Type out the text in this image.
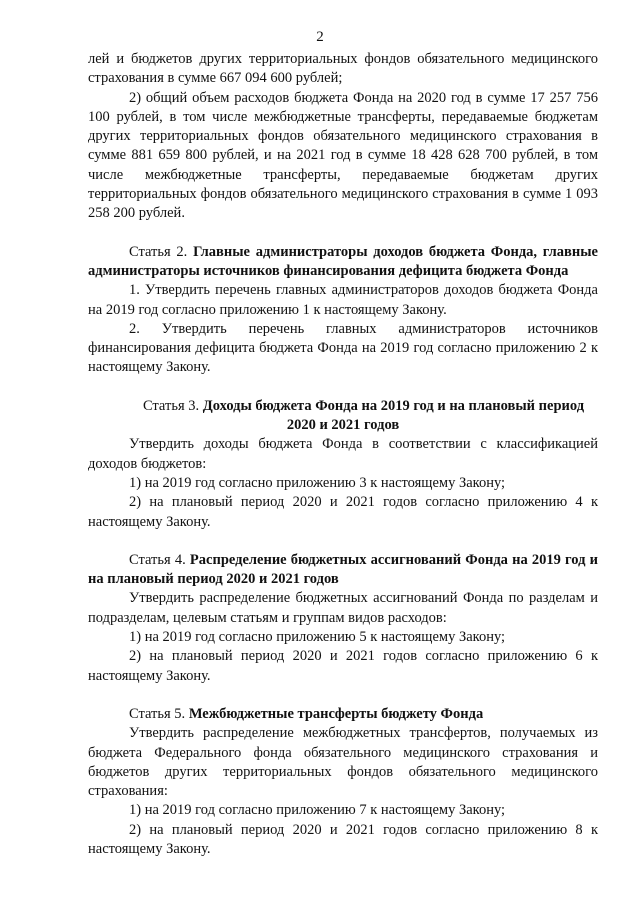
2

лей и бюджетов других территориальных фондов обязательного медицинского страхования в сумме 667 094 600 рублей;

2) общий объем расходов бюджета Фонда на 2020 год в сумме 17 257 756 100 рублей, в том числе межбюджетные трансферты, передаваемые бюджетам других территориальных фондов обязательного медицинского страхования в сумме 881 659 800 рублей, и на 2021 год в сумме 18 428 628 700 рублей, в том числе межбюджетные трансферты, передаваемые бюджетам других территориальных фондов обязательного медицинского страхования в сумме 1 093 258 200 рублей.

Статья 2. Главные администраторы доходов бюджета Фонда, главные администраторы источников финансирования дефицита бюджета Фонда

1. Утвердить перечень главных администраторов доходов бюджета Фонда на 2019 год согласно приложению 1 к настоящему Закону.

2. Утвердить перечень главных администраторов источников финансирования дефицита бюджета Фонда на 2019 год согласно приложению 2 к настоящему Закону.

Статья 3. Доходы бюджета Фонда на 2019 год и на плановый период 2020 и 2021 годов

Утвердить доходы бюджета Фонда в соответствии с классификацией доходов бюджетов:

1) на 2019 год согласно приложению 3 к настоящему Закону;

2) на плановый период 2020 и 2021 годов согласно приложению 4 к настоящему Закону.

Статья 4. Распределение бюджетных ассигнований Фонда на 2019 год и на плановый период 2020 и 2021 годов

Утвердить распределение бюджетных ассигнований Фонда по разделам и подразделам, целевым статьям и группам видов расходов:

1) на 2019 год согласно приложению 5 к настоящему Закону;

2) на плановый период 2020 и 2021 годов согласно приложению 6 к настоящему Закону.

Статья 5. Межбюджетные трансферты бюджету Фонда

Утвердить распределение межбюджетных трансфертов, получаемых из бюджета Федерального фонда обязательного медицинского страхования и бюджетов других территориальных фондов обязательного медицинского страхования:

1) на 2019 год согласно приложению 7 к настоящему Закону;

2) на плановый период 2020 и 2021 годов согласно приложению 8 к настоящему Закону.
